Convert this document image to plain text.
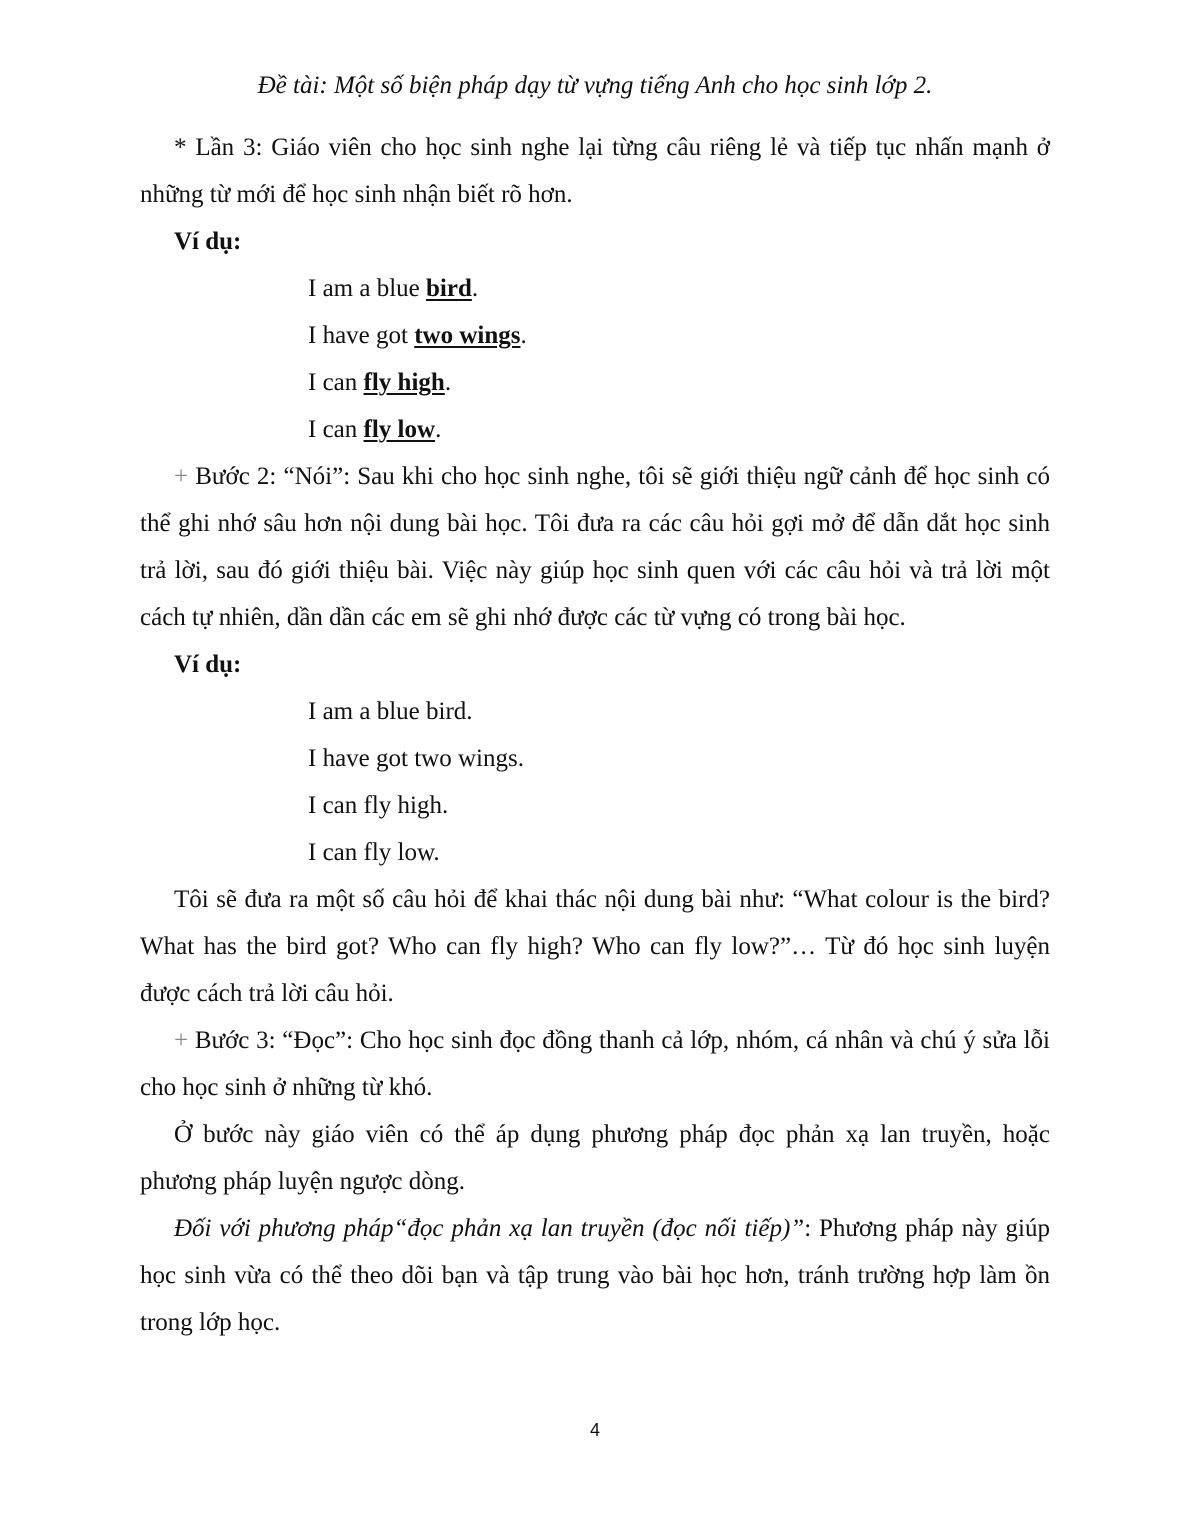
Đề tài: Một số biện pháp dạy từ vựng tiếng Anh cho học sinh lớp 2.

* Lần 3: Giáo viên cho học sinh nghe lại từng câu riêng lẻ và tiếp tục nhấn mạnh ở những từ mới để học sinh nhận biết rõ hơn.

Ví dụ:
I am a blue bird.
I have got two wings.
I can fly high.
I can fly low.

+ Bước 2: “Nói”: Sau khi cho học sinh nghe, tôi sẽ giới thiệu ngữ cảnh để học sinh có thể ghi nhớ sâu hơn nội dung bài học. Tôi đưa ra các câu hỏi gợi mở để dẫn dắt học sinh trả lời, sau đó giới thiệu bài. Việc này giúp học sinh quen với các câu hỏi và trả lời một cách tự nhiên, dần dần các em sẽ ghi nhớ được các từ vựng có trong bài học.

Ví dụ:
I am a blue bird.
I have got two wings.
I can fly high.
I can fly low.

Tôi sẽ đưa ra một số câu hỏi để khai thác nội dung bài như: “What colour is the bird? What has the bird got? Who can fly high? Who can fly low?”… Từ đó học sinh luyện được cách trả lời câu hỏi.

+ Bước 3: “Đọc”: Cho học sinh đọc đồng thanh cả lớp, nhóm, cá nhân và chú ý sửa lỗi cho học sinh ở những từ khó.

Ở bước này giáo viên có thể áp dụng phương pháp đọc phản xạ lan truyền, hoặc phương pháp luyện ngược dòng.

Đối với phương pháp“đọc phản xạ lan truyền (đọc nối tiếp)”: Phương pháp này giúp học sinh vừa có thể theo dõi bạn và tập trung vào bài học hơn, tránh trường hợp làm ồn trong lớp học.

4
